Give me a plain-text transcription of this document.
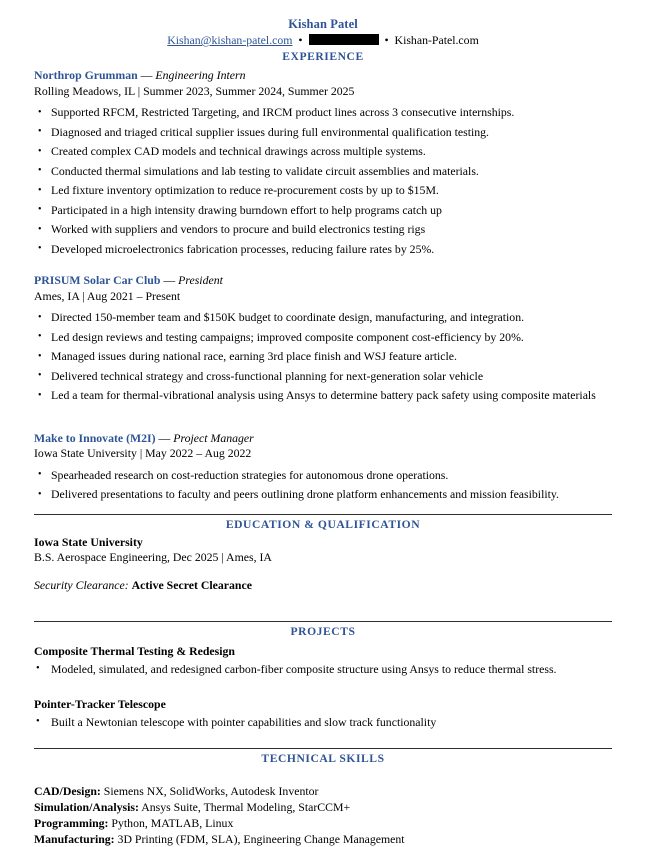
Kishan Patel
Kishan@kishan-patel.com •	• Kishan-Patel.com
EXPERIENCE
Northrop Grumman — Engineering Intern
Rolling Meadows, IL | Summer 2023, Summer 2024, Summer 2025
• Supported RFCM, Restricted Targeting, and IRCM product lines across 3 consecutive internships.
• Diagnosed and triaged critical supplier issues during full environmental qualification testing.
• Created complex CAD models and technical drawings across multiple systems.
• Conducted thermal simulations and lab testing to validate circuit assemblies and materials.
• Led fixture inventory optimization to reduce re-procurement costs by up to $15M.
• Participated in a high intensity drawing burndown effort to help programs catch up
• Worked with suppliers and vendors to procure and build electronics testing rigs
• Developed microelectronics fabrication processes, reducing failure rates by 25%.
PRISUM Solar Car Club — President
Ames, IA | Aug 2021 – Present
• Directed 150-member team and $150K budget to coordinate design, manufacturing, and integration.
• Led design reviews and testing campaigns; improved composite component cost-efficiency by 20%.
• Managed issues during national race, earning 3rd place finish and WSJ feature article.
• Delivered technical strategy and cross-functional planning for next-generation solar vehicle
• Led a team for thermal-vibrational analysis using Ansys to determine battery pack safety using composite materials
Make to Innovate (M2I) — Project Manager
Iowa State University | May 2022 – Aug 2022
• Spearheaded research on cost-reduction strategies for autonomous drone operations.
• Delivered presentations to faculty and peers outlining drone platform enhancements and mission feasibility.
EDUCATION & QUALIFICATION
Iowa State University
B.S. Aerospace Engineering, Dec 2025 | Ames, IA
Security Clearance: Active Secret Clearance
PROJECTS
Composite Thermal Testing & Redesign
• Modeled, simulated, and redesigned carbon-fiber composite structure using Ansys to reduce thermal stress.
Pointer-Tracker Telescope
• Built a Newtonian telescope with pointer capabilities and slow track functionality
TECHNICAL SKILLS
CAD/Design: Siemens NX, SolidWorks, Autodesk Inventor
Simulation/Analysis: Ansys Suite, Thermal Modeling, StarCCM+
Programming: Python, MATLAB, Linux
Manufacturing: 3D Printing (FDM, SLA), Engineering Change Management
